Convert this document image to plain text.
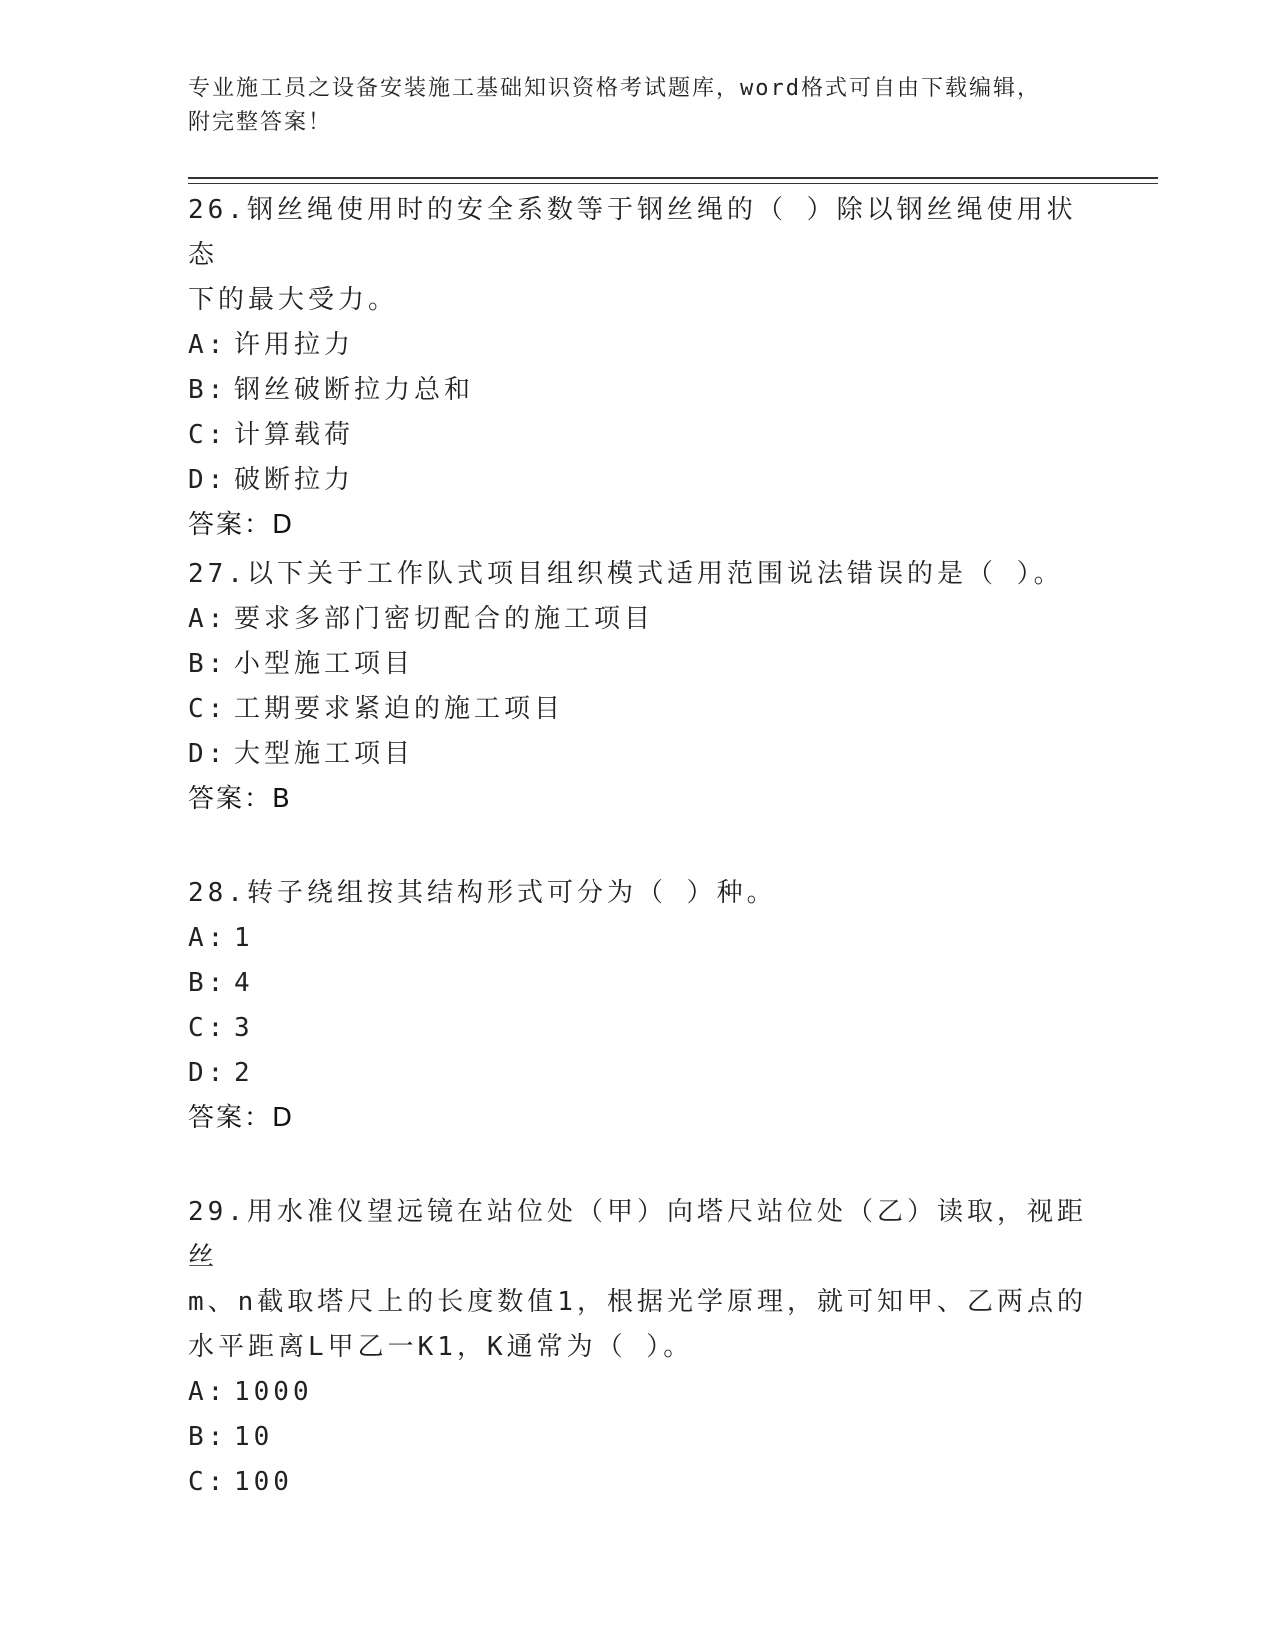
专业施工员之设备安装施工基础知识资格考试题库，word格式可自由下载编辑，
附完整答案！

26.钢丝绳使用时的安全系数等于钢丝绳的（ ）除以钢丝绳使用状态

下的最大受力。

A: 许用拉力

B: 钢丝破断拉力总和

C: 计算载荷

D: 破断拉力

答案：D

27.以下关于工作队式项目组织模式适用范围说法错误的是（ ）。

A: 要求多部门密切配合的施工项目

B: 小型施工项目

C: 工期要求紧迫的施工项目

D: 大型施工项目

答案：B

28.转子绕组按其结构形式可分为（ ）种。

A: 1

B: 4

C: 3

D: 2

答案：D

29.用水准仪望远镜在站位处（甲）向塔尺站位处（乙）读取，视距丝

m、n截取塔尺上的长度数值1，根据光学原理，就可知甲、乙两点的

水平距离L甲乙一K1，K通常为（ ）。

A: 1000

B: 10

C: 100
